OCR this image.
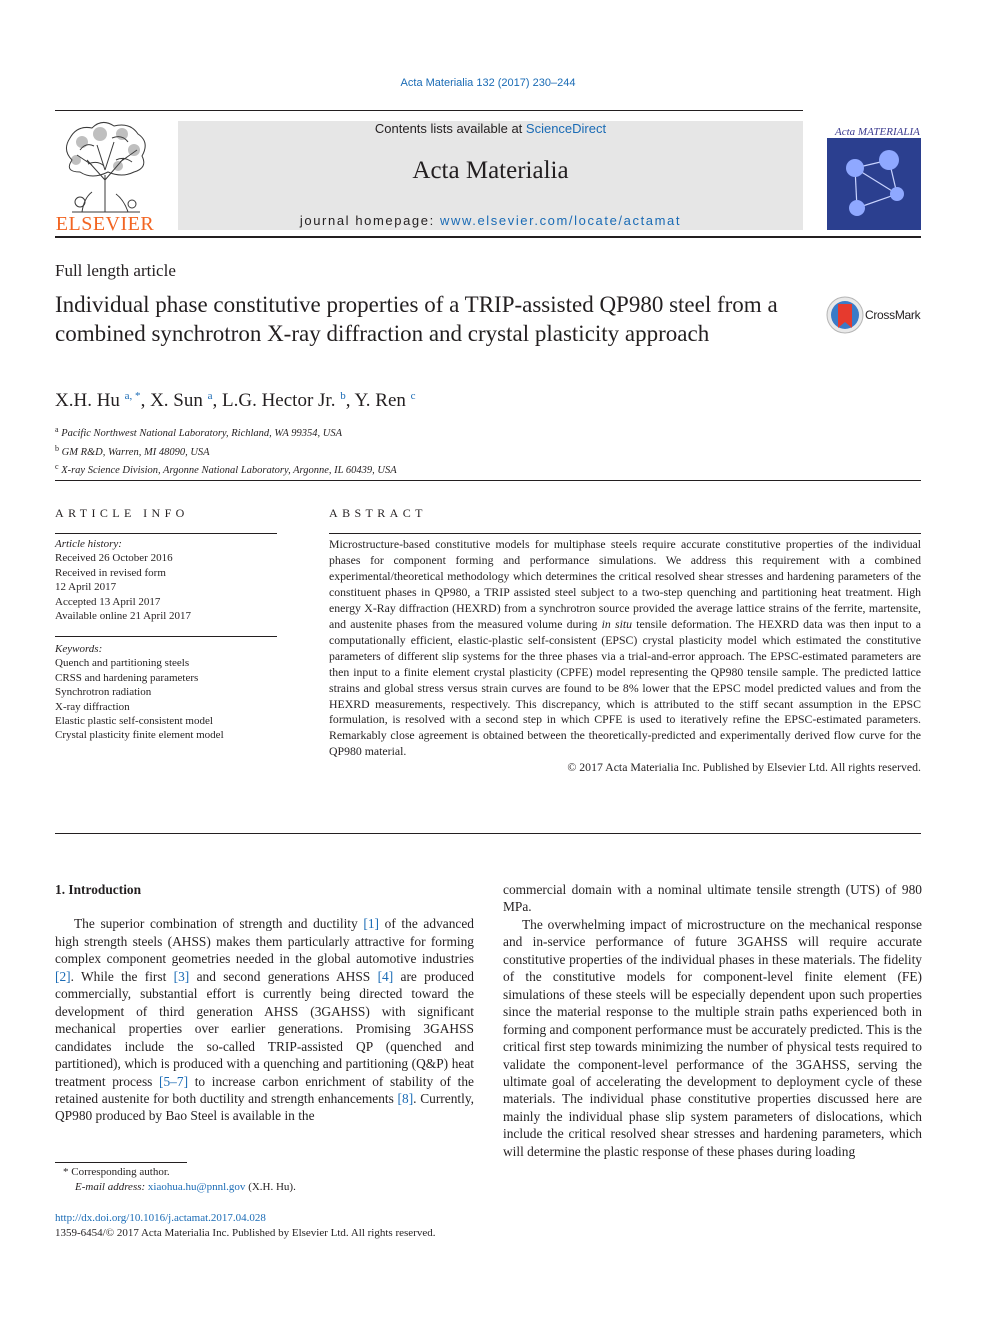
Acta Materialia 132 (2017) 230–244
ELSEVIER
Contents lists available at ScienceDirect
Acta Materialia
journal homepage: www.elsevier.com/locate/actamat
Acta MATERIALIA
Full length article
Individual phase constitutive properties of a TRIP-assisted QP980 steel from a combined synchrotron X-ray diffraction and crystal plasticity approach
CrossMark
X.H. Hu $^{a, *}$, X. Sun $^a$, L.G. Hector Jr. $^b$, Y. Ren $^c$
$^a$ Pacific Northwest National Laboratory, Richland, WA 99354, USA
$^b$ GM R&D, Warren, MI 48090, USA
$^c$ X-ray Science Division, Argonne National Laboratory, Argonne, IL 60439, USA
ARTICLE INFO
Article history:
Received 26 October 2016
Received in revised form
12 April 2017
Accepted 13 April 2017
Available online 21 April 2017
Keywords:
Quench and partitioning steels
CRSS and hardening parameters
Synchrotron radiation
X-ray diffraction
Elastic plastic self-consistent model
Crystal plasticity finite element model
ABSTRACT
Microstructure-based constitutive models for multiphase steels require accurate constitutive properties of the individual phases for component forming and performance simulations. We address this requirement with a combined experimental/theoretical methodology which determines the critical resolved shear stresses and hardening parameters of the constituent phases in QP980, a TRIP assisted steel subject to a two-step quenching and partitioning heat treatment. High energy X-Ray diffraction (HEXRD) from a synchrotron source provided the average lattice strains of the ferrite, martensite, and austenite phases from the measured volume during in situ tensile deformation. The HEXRD data was then input to a computationally efficient, elastic-plastic self-consistent (EPSC) crystal plasticity model which estimated the constitutive parameters of different slip systems for the three phases via a trial-and-error approach. The EPSC-estimated parameters are then input to a finite element crystal plasticity (CPFE) model representing the QP980 tensile sample. The predicted lattice strains and global stress versus strain curves are found to be 8% lower that the EPSC model predicted values and from the HEXRD measurements, respectively. This discrepancy, which is attributed to the stiff secant assumption in the EPSC formulation, is resolved with a second step in which CPFE is used to iteratively refine the EPSC-estimated parameters. Remarkably close agreement is obtained between the theoretically-predicted and experimentally derived flow curve for the QP980 material.
© 2017 Acta Materialia Inc. Published by Elsevier Ltd. All rights reserved.

1. Introduction

The superior combination of strength and ductility [1] of the advanced high strength steels (AHSS) makes them particularly attractive for forming complex component geometries needed in the global automotive industries [2]. While the first [3] and second generations AHSS [4] are produced commercially, substantial effort is currently being directed toward the development of third generation AHSS (3GAHSS) with significant mechanical properties over earlier generations. Promising 3GAHSS candidates include the so-called TRIP-assisted QP (quenched and partitioned), which is produced with a quenching and partitioning (Q&P) heat treatment process [5–7] to increase carbon enrichment of stability of the retained austenite for both ductility and strength enhancements [8]. Currently, QP980 produced by Bao Steel is available in the

commercial domain with a nominal ultimate tensile strength (UTS) of 980 MPa.

The overwhelming impact of microstructure on the mechanical response and in-service performance of future 3GAHSS will require accurate constitutive properties of the individual phases in these materials. The fidelity of the constitutive models for component-level finite element (FE) simulations of these steels will be especially dependent upon such properties since the material response to the multiple strain paths experienced both in forming and component performance must be accurately predicted. This is the critical first step towards minimizing the number of physical tests required to validate the component-level performance of the 3GAHSS, serving the ultimate goal of accelerating the development to deployment cycle of these materials. The individual phase constitutive properties discussed here are mainly the individual phase slip system parameters of dislocations, which include the critical resolved shear stresses and hardening parameters, which will determine the plastic response of these phases during loading

* Corresponding author.
E-mail address: xiaohua.hu@pnnl.gov (X.H. Hu).
http://dx.doi.org/10.1016/j.actamat.2017.04.028
1359-6454/© 2017 Acta Materialia Inc. Published by Elsevier Ltd. All rights reserved.
